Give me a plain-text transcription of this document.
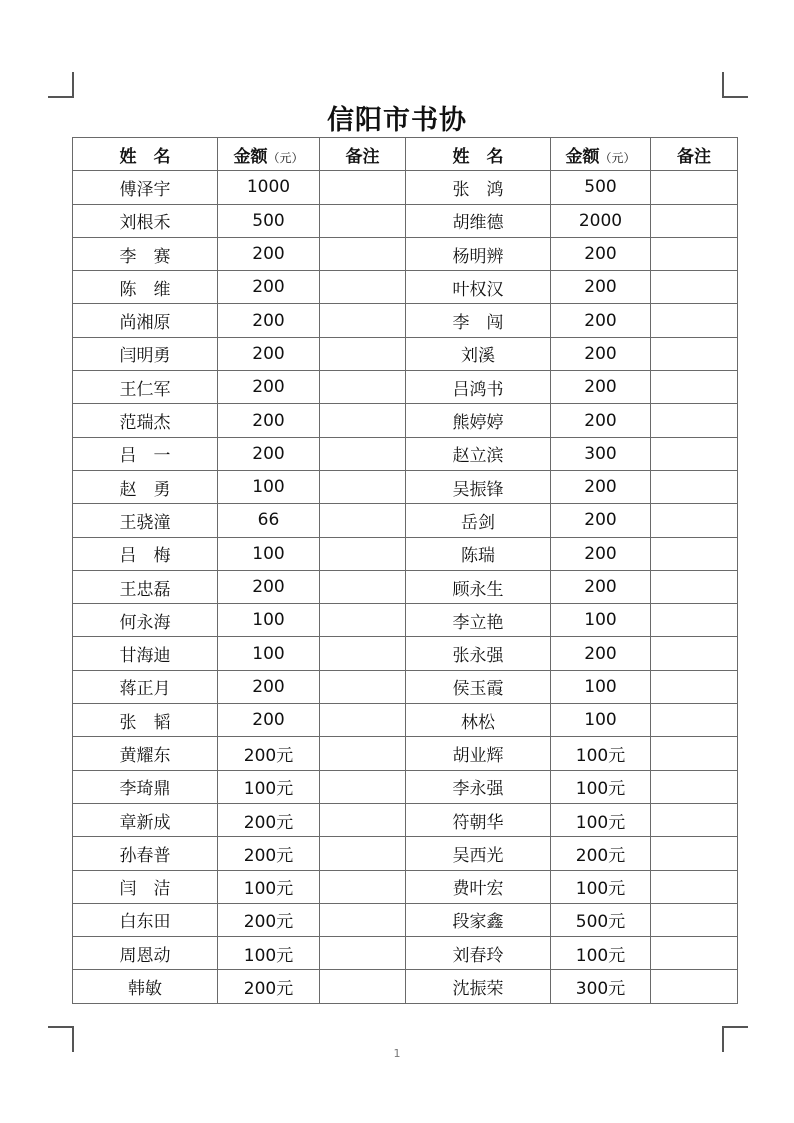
信阳市书协
姓　名	金额（元）	备注	姓　名	金额（元）	备注
傅泽宇	1000		张　鸿	500	
刘根禾	500		胡维德	2000	
李　赛	200		杨明辨	200	
陈　维	200		叶权汉	200	
尚湘原	200		李　闯	200	
闫明勇	200		刘溪	200	
王仁军	200		吕鸿书	200	
范瑞杰	200		熊婷婷	200	
吕　一	200		赵立滨	300	
赵　勇	100		吴振锋	200	
王骁潼	66		岳剑	200	
吕　梅	100		陈瑞	200	
王忠磊	200		顾永生	200	
何永海	100		李立艳	100	
甘海迪	100		张永强	200	
蒋正月	200		侯玉霞	100	
张　韬	200		林松	100	
黄耀东	200元		胡业辉	100元	
李琦鼎	100元		李永强	100元	
章新成	200元		符朝华	100元	
孙春普	200元		吴西光	200元	
闫　洁	100元		费叶宏	100元	
白东田	200元		段家鑫	500元	
周恩动	100元		刘春玲	100元	
韩敏	200元		沈振荣	300元	
1
